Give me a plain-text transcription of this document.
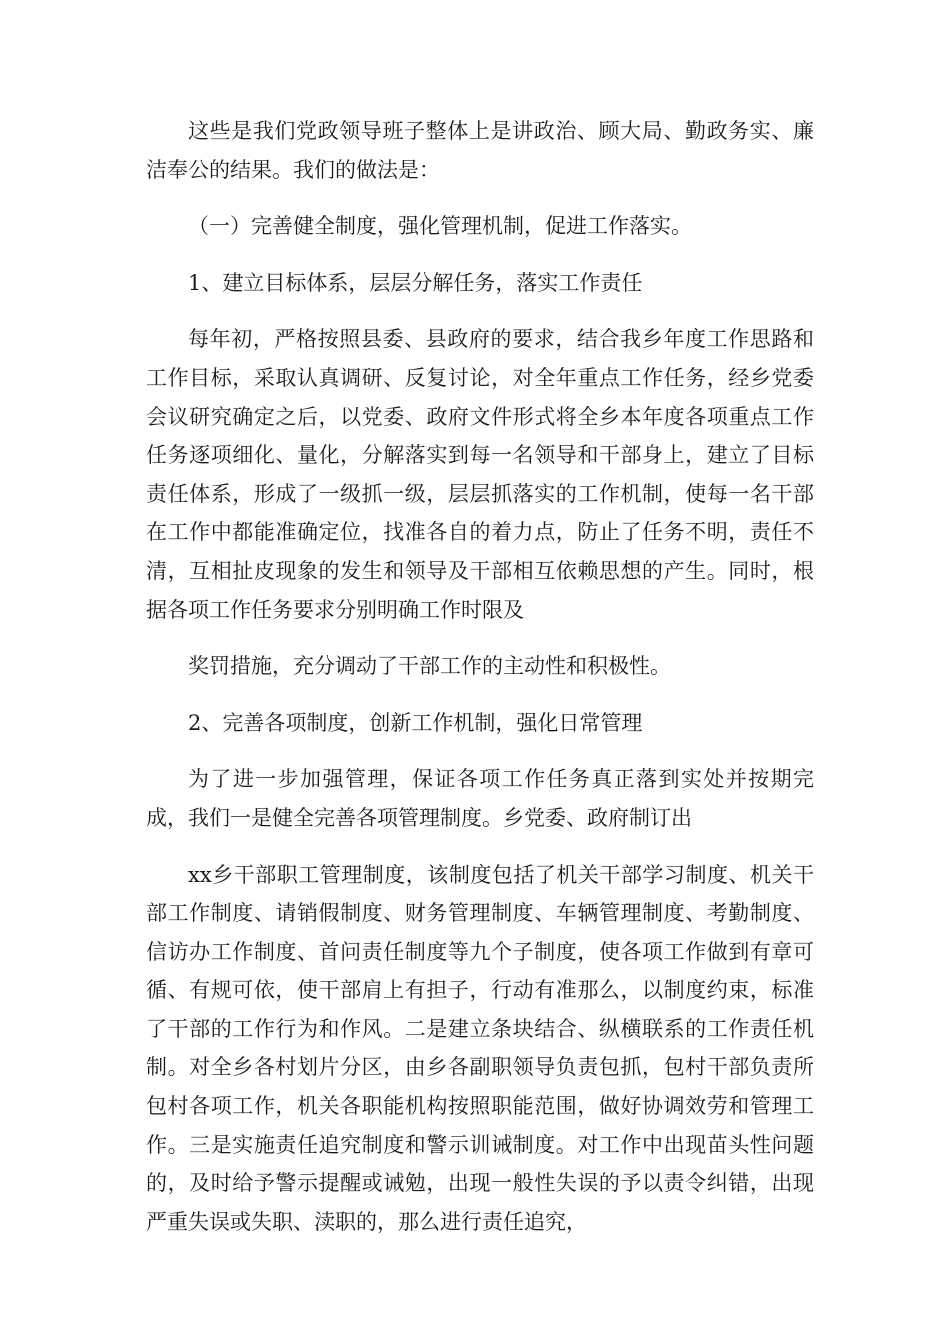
这些是我们党政领导班子整体上是讲政治、顾大局、勤政务实、廉洁奉公的结果。我们的做法是：

（一）完善健全制度，强化管理机制，促进工作落实。

1、建立目标体系，层层分解任务，落实工作责任

每年初，严格按照县委、县政府的要求，结合我乡年度工作思路和工作目标，采取认真调研、反复讨论，对全年重点工作任务，经乡党委会议研究确定之后，以党委、政府文件形式将全乡本年度各项重点工作任务逐项细化、量化，分解落实到每一名领导和干部身上，建立了目标责任体系，形成了一级抓一级，层层抓落实的工作机制，使每一名干部在工作中都能准确定位，找准各自的着力点，防止了任务不明，责任不清，互相扯皮现象的发生和领导及干部相互依赖思想的产生。同时，根据各项工作任务要求分别明确工作时限及

奖罚措施，充分调动了干部工作的主动性和积极性。

2、完善各项制度，创新工作机制，强化日常管理

为了进一步加强管理，保证各项工作任务真正落到实处并按期完成，我们一是健全完善各项管理制度。乡党委、政府制订出

xx乡干部职工管理制度，该制度包括了机关干部学习制度、机关干部工作制度、请销假制度、财务管理制度、车辆管理制度、考勤制度、信访办工作制度、首问责任制度等九个子制度，使各项工作做到有章可循、有规可依，使干部肩上有担子，行动有准那么，以制度约束，标准了干部的工作行为和作风。二是建立条块结合、纵横联系的工作责任机制。对全乡各村划片分区，由乡各副职领导负责包抓，包村干部负责所包村各项工作，机关各职能机构按照职能范围，做好协调效劳和管理工作。三是实施责任追究制度和警示训诫制度。对工作中出现苗头性问题的，及时给予警示提醒或诫勉，出现一般性失误的予以责令纠错，出现严重失误或失职、渎职的，那么进行责任追究，
